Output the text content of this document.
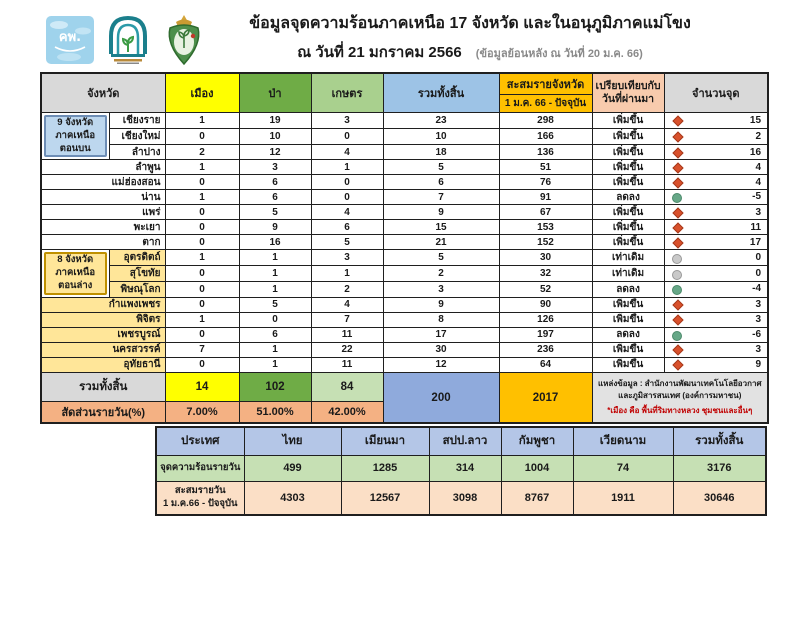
คพ.
ข้อมูลจุดความร้อนภาคเหนือ 17 จังหวัด และในอนุภูมิภาคแม่โขง
ณ วันที่ 21 มกราคม 2566 (ข้อมูลย้อนหลัง ณ วันที่ 20 ม.ค. 66)
จังหวัด	เมือง	ป่า	เกษตร	รวมทั้งสิ้น	
สะสมรายจังหวัด
1 ม.ค. 66 - ปัจจุบัน

เปรียบเทียบกับ
วันที่ผ่านมา	จำนวนจุด

9 จังหวัด
ภาคเหนือ
ตอนบน	เชียงราย	1	19	3	23	298	เพิ่มขึ้น	15
	เชียงใหม่	0	10	0	10	166	เพิ่มขึ้น	2
	ลำปาง	2	12	4	18	136	เพิ่มขึ้น	16
ลำพูน		1	3	1	5	51	เพิ่มขึ้น	4
แม่ฮ่องสอน		0	6	0	6	76	เพิ่มขึ้น	4
น่าน		1	6	0	7	91	ลดลง	-5
แพร่		0	5	4	9	67	เพิ่มขึ้น	3
พะเยา		0	9	6	15	153	เพิ่มขึ้น	11
ตาก		0	16	5	21	152	เพิ่มขึ้น	17

8 จังหวัด
ภาคเหนือ
ตอนล่าง	อุตรดิตถ์	1	1	3	5	30	เท่าเดิม	0
	สุโขทัย	0	1	1	2	32	เท่าเดิม	0
	พิษณุโลก	0	1	2	3	52	ลดลง	-4
กำแพงเพชร		0	5	4	9	90	เพิ่มขึ้น	3
พิจิตร		1	0	7	8	126	เพิ่มขึ้น	3
เพชรบูรณ์		0	6	11	17	197	ลดลง	-6
นครสวรรค์		7	1	22	30	236	เพิ่มขึ้น	3
อุทัยธานี		0	1	11	12	64	เพิ่มขึ้น	9
รวมทั้งสิ้น		14	102	84	200	2017	แหล่งข้อมูล : สำนักงานพัฒนาเทคโนโลยีอวกาศและภูมิสารสนเทศ (องค์การมหาชน)
*เมือง คือ พื้นที่ริมทางหลวง ชุมชนและอื่นๆ	

สัดส่วนรายวัน(%)		7.00%	51.00%	42.00%				
ประเทศ	ไทย	เมียนมา	สปป.ลาว	กัมพูชา	เวียดนาม	รวมทั้งสิ้น
จุดความร้อนรายวัน	499	1285	314	1004	74	3176
สะสมรายวัน
1 ม.ค.66 - ปัจจุบัน	4303	12567	3098	8767	1911	30646
